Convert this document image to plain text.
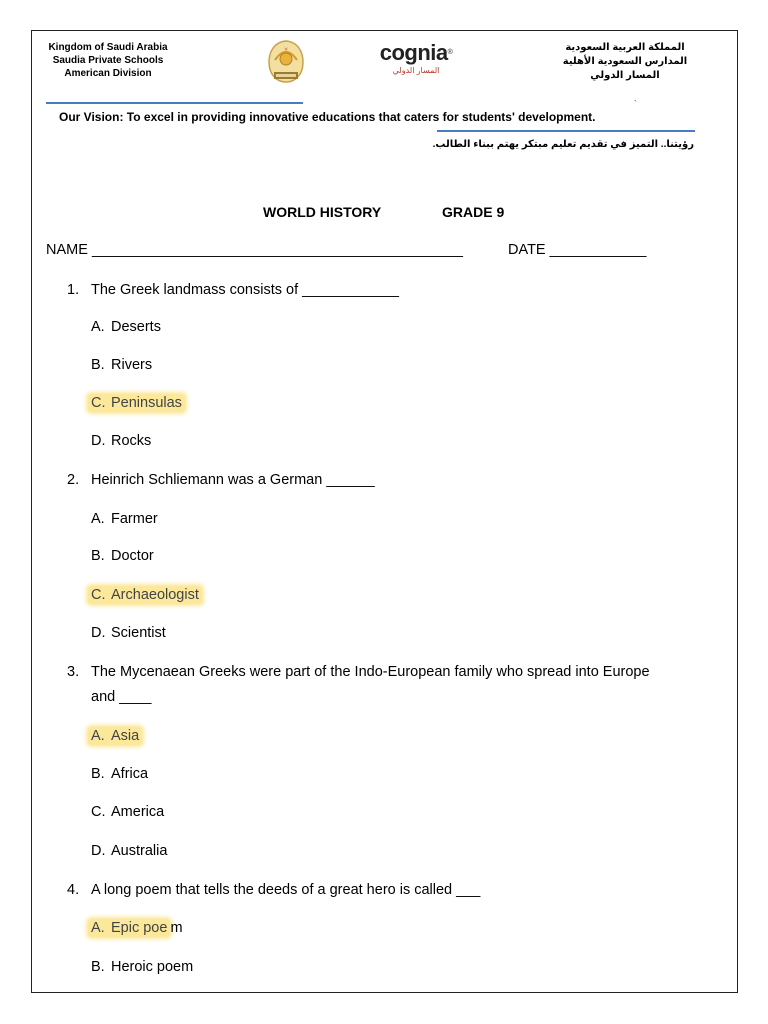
Kingdom of Saudi Arabia
Saudia Private Schools
American Division
cognia®
المسار الدولي
المملكة العربية السعودية
المدارس السعودية الأهلية
المسار الدولي
`
Our Vision: To excel in providing innovative educations that caters for students' development.
رؤيتنا.. التميز في تقديم تعليم مبتكر يهتم ببناء الطالب.
WORLD HISTORY	GRADE 9
NAME ______________________________________________	DATE ____________
1. The Greek landmass consists of ____________
A. Deserts
B. Rivers
C. Peninsulas
D. Rocks
2. Heinrich Schliemann was a German ______
A. Farmer
B. Doctor
C. Archaeologist
D. Scientist
3. The Mycenaean Greeks were part of the Indo-European family who spread into Europe
and ____
A. Asia
B. Africa
C. America
D. Australia
4. A long poem that tells the deeds of a great hero is called ___
A. Epic poe m
B. Heroic poem
